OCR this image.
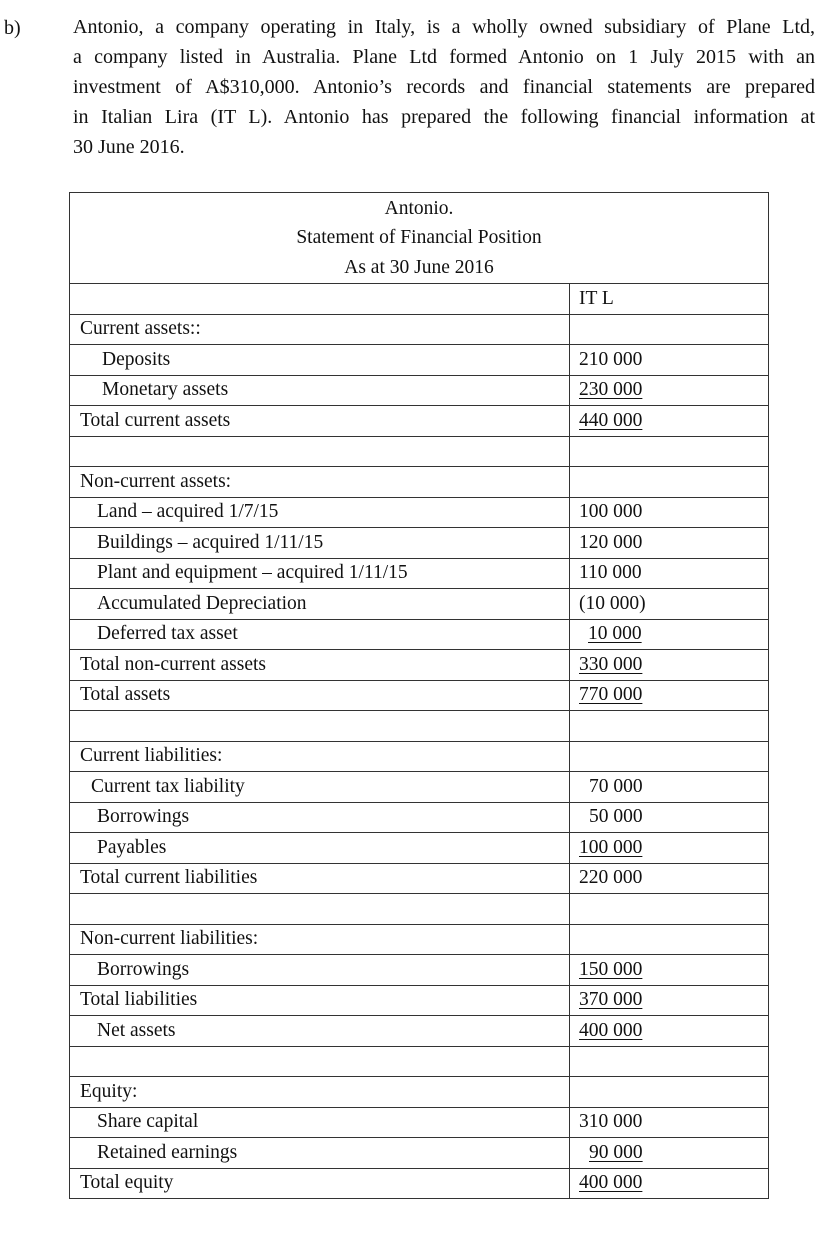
b)	Antonio, a company operating in Italy, is a wholly owned subsidiary of Plane Ltd,
a company listed in Australia. Plane Ltd formed Antonio on 1 July 2015 with an
investment of A$310,000. Antonio’s records and financial statements are prepared
in Italian Lira (IT L). Antonio has prepared the following financial information at
30 June 2016.
Antonio.
Statement of Financial Position
As at 30 June 2016	

	IT L
Current assets::	
Deposits	210 000
Monetary assets	230 000
Total current assets	440 000

Non-current assets:	
Land – acquired 1/7/15	100 000
Buildings – acquired 1/11/15	120 000
Plant and equipment – acquired 1/11/15	110 000
Accumulated Depreciation	(10 000)
Deferred tax asset	10 000
Total non-current assets	330 000
Total assets	770 000

Current liabilities:	
Current tax liability	70 000
Borrowings	50 000
Payables	100 000
Total current liabilities	220 000

Non-current liabilities:	
Borrowings	150 000
Total liabilities	370 000
Net assets	400 000

Equity:	
Share capital	310 000
Retained earnings	90 000
Total equity	400 000
